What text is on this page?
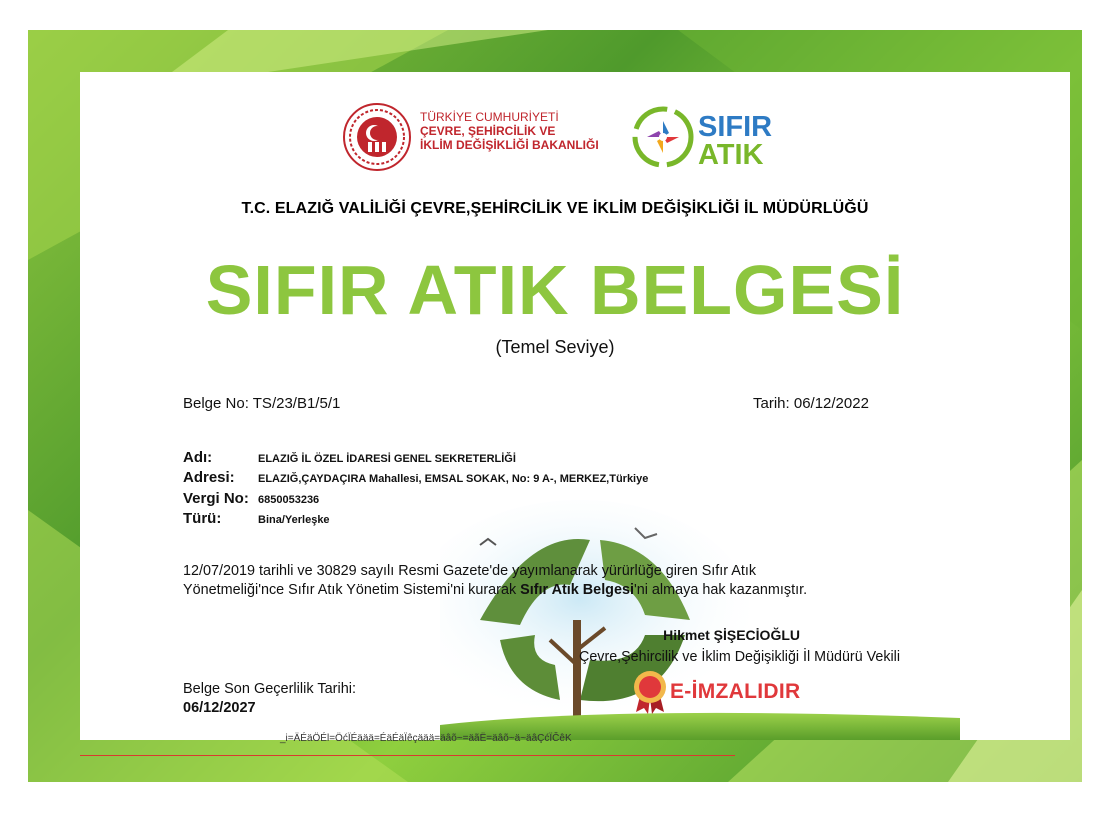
TÜRKİYE CUMHURİYETİ
ÇEVRE, ŞEHİRCİLİK VE
İKLİM DEĞİŞİKLİĞİ BAKANLIĞI
SIFIR
ATIK
T.C. ELAZIĞ VALİLİĞİ ÇEVRE,ŞEHİRCİLİK VE İKLİM DEĞİŞİKLİĞİ İL MÜDÜRLÜĞÜ
SIFIR ATIK BELGESİ
(Temel Seviye)
Belge No: TS/23/B1/5/1	Tarih: 06/12/2022
Adı:	ELAZIĞ İL ÖZEL İDARESİ GENEL SEKRETERLİĞİ
Adresi:	ELAZIĞ,ÇAYDAÇIRA Mahallesi, EMSAL SOKAK, No: 9 A-, MERKEZ,Türkiye
Vergi No: 6850053236
Türü:	Bina/Yerleşke
12/07/2019 tarihli ve 30829 sayılı Resmi Gazete'de yayımlanarak yürürlüğe giren Sıfır Atık
Yönetmeliği'nce Sıfır Atık Yönetim Sistemi'ni kurarak Sıfır Atık Belgesi'ni almaya hak kazanmıştır.
Hikmet ŞİŞECİOĞLU
Çevre,Şehircilik ve İklim Değişikliği İl Müdürü Vekili
Belge Son Geçerlilik Tarihi:
06/12/2027
E-İMZALIDIR
_i=ÄÉäÖÉl=ÖćÏÉäää=ÉäÉäÏêçäää=äâõ~=äãË=äâõ~ä~äâÇćÏČêK
